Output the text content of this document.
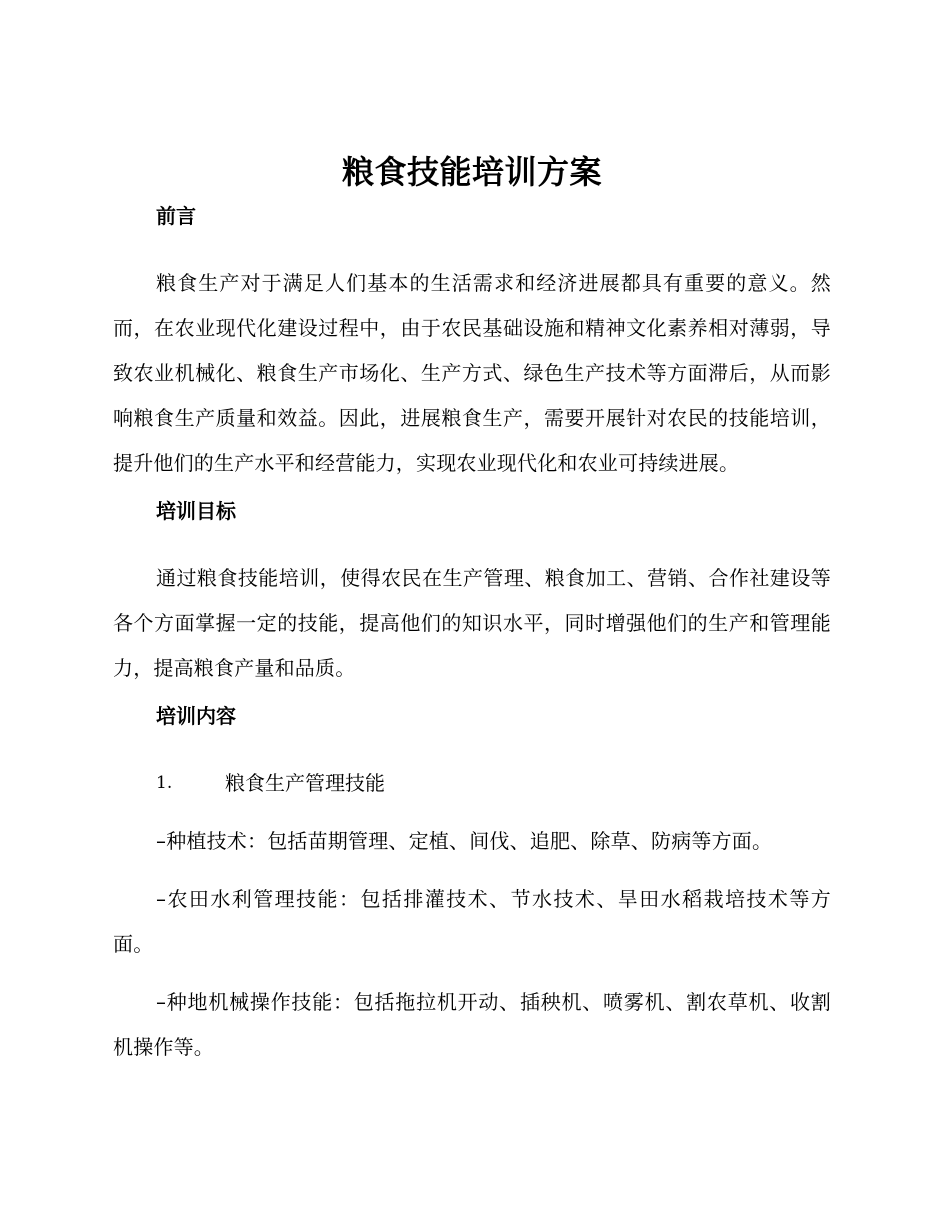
粮食技能培训方案
前言

粮食生产对于满足人们基本的生活需求和经济进展都具有重要的意义。然而，在农业现代化建设过程中，由于农民基础设施和精神文化素养相对薄弱，导致农业机械化、粮食生产市场化、生产方式、绿色生产技术等方面滞后，从而影响粮食生产质量和效益。因此，进展粮食生产，需要开展针对农民的技能培训，提升他们的生产水平和经营能力，实现农业现代化和农业可持续进展。

培训目标

通过粮食技能培训，使得农民在生产管理、粮食加工、营销、合作社建设等各个方面掌握一定的技能，提高他们的知识水平，同时增强他们的生产和管理能力，提高粮食产量和品质。

培训内容
1.	粮食生产管理技能

–种植技术：包括苗期管理、定植、间伐、追肥、除草、防病等方面。

–农田水利管理技能：包括排灌技术、节水技术、旱田水稻栽培技术等方面。

–种地机械操作技能：包括拖拉机开动、插秧机、喷雾机、割农草机、收割机操作等。
